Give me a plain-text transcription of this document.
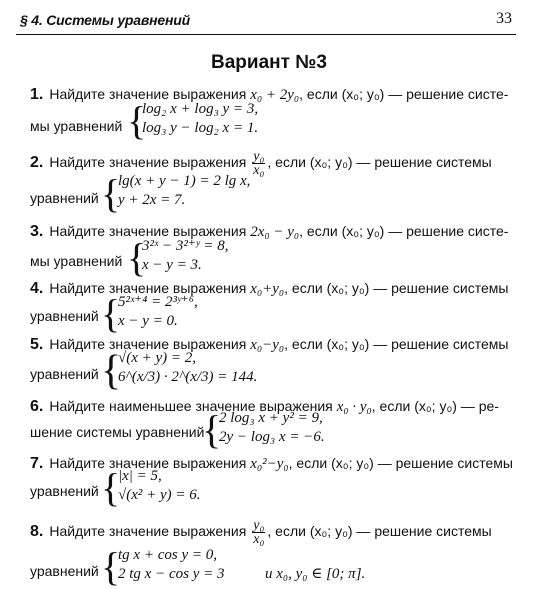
§ 4. Системы уравнений	33
Вариант №3
1. Найдите значение выражения x₀ + 2y₀, если (x₀; y₀) — решение систе-
мы уравнений {
log₂ x + log₃ y = 3,
log₃ y − log₂ x = 1.
2. Найдите значение выражения $\frac{\text{y₀}}{\text{x₀}}$ , если (x₀; y₀) — решение системы
уравнений {
lg(x + y − 1) = 2 lg x,
y + 2x = 7.
3. Найдите значение выражения 2x₀ − y₀, если (x₀; y₀) — решение систе-
мы уравнений {
3²ˣ − 3²⁺ʸ = 8,
x − y = 3.
4. Найдите значение выражения x₀+y₀, если (x₀; y₀) — решение системы
уравнений {
5²ˣ⁺⁴ = 2³ʸ⁺⁶,
x − y = 0.
5. Найдите значение выражения x₀−y₀, если (x₀; y₀) — решение системы
уравнений {
√(x + y) = 2,
6^(x/3) · 2^(x/3) = 144.
6. Найдите наименьшее значение выражения x₀ · y₀, если (x₀; y₀) — ре-
шение системы уравнений
{
2 log₃ x + y² = 9,
2y − log₃ x = −6.
7. Найдите значение выражения x₀²−y₀, если (x₀; y₀) — решение системы
уравнений {
|x| = 5,
√(x² + y) = 6.
8. Найдите значение выражения $\frac{\text{y₀}}{\text{x₀}}$ , если (x₀; y₀) — решение системы
уравнений {
tg x + cos y = 0,
2 tg x − cos y = 3	и x₀, y₀ ∈ [0; π].
